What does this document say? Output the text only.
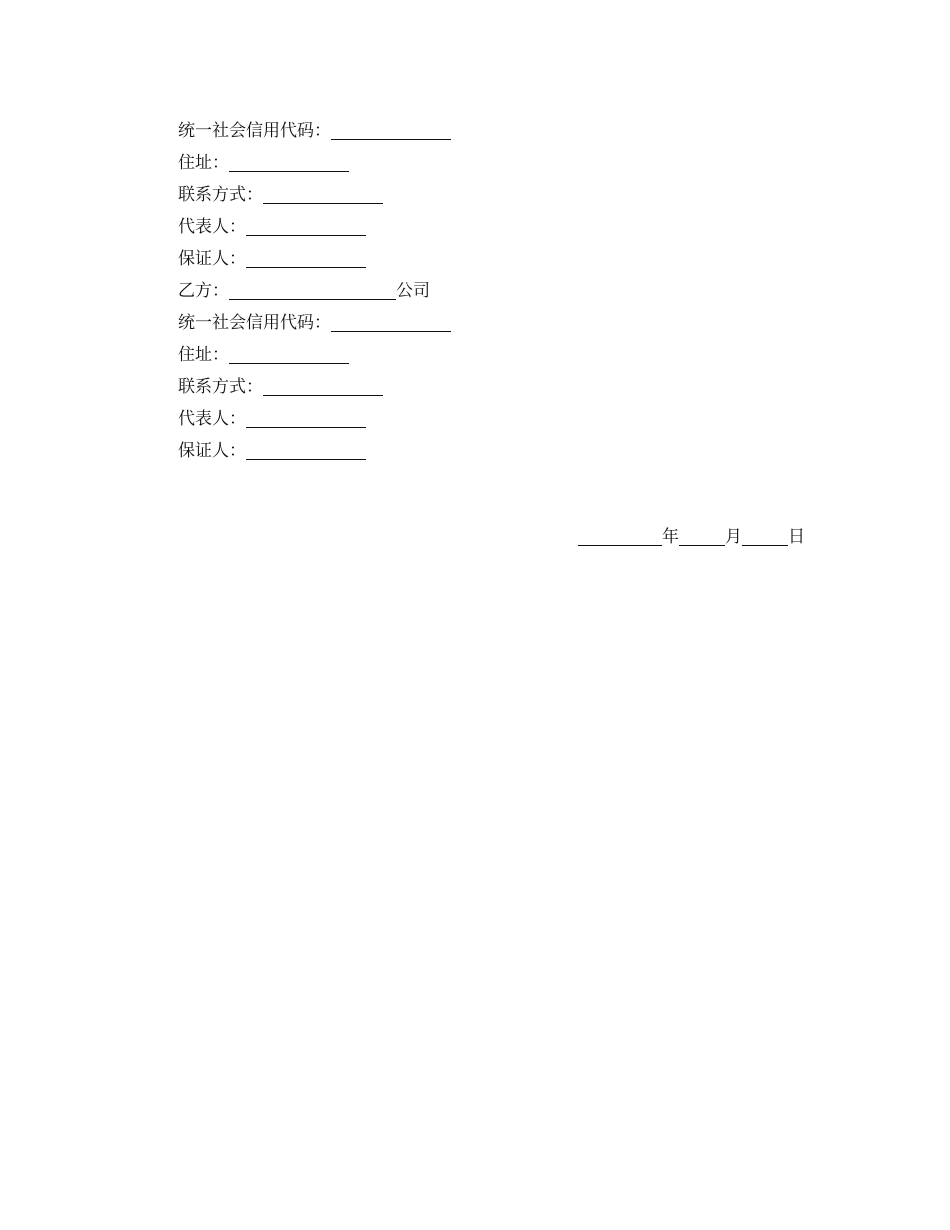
统一社会信用代码：
住址：
联系方式：
代表人：
保证人：
乙方：	公司
统一社会信用代码：
住址：
联系方式：
代表人：
保证人：
年	月	日
